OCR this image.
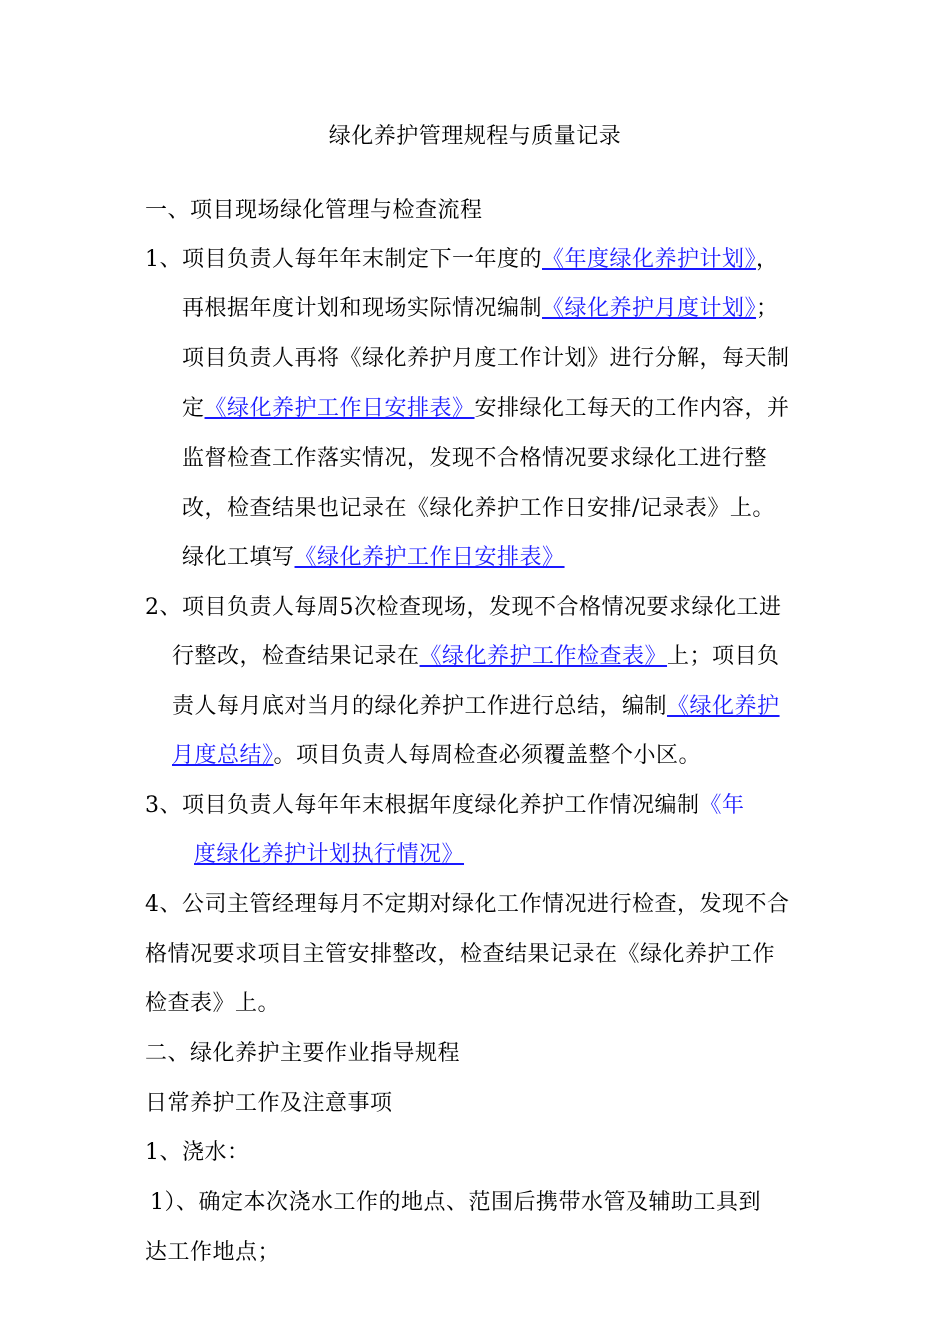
绿化养护管理规程与质量记录
一、项目现场绿化管理与检查流程
1、项目负责人每年年末制定下一年度的《年度绿化养护计划》，
再根据年度计划和现场实际情况编制《绿化养护月度计划》；
项目负责人再将《绿化养护月度工作计划》进行分解，每天制
定《绿化养护工作日安排表》安排绿化工每天的工作内容，并
监督检查工作落实情况，发现不合格情况要求绿化工进行整
改，检查结果也记录在《绿化养护工作日安排/记录表》上。
绿化工填写《绿化养护工作日安排表》
2、项目负责人每周5次检查现场，发现不合格情况要求绿化工进
行整改，检查结果记录在《绿化养护工作检查表》上；项目负
责人每月底对当月的绿化养护工作进行总结，编制《绿化养护
月度总结》。项目负责人每周检查必须覆盖整个小区。
3、项目负责人每年年末根据年度绿化养护工作情况编制《年
度绿化养护计划执行情况》
4、公司主管经理每月不定期对绿化工作情况进行检查，发现不合
格情况要求项目主管安排整改，检查结果记录在《绿化养护工作
检查表》上。
二、绿化养护主要作业指导规程
日常养护工作及注意事项
1、浇水：
1）、确定本次浇水工作的地点、范围后携带水管及辅助工具到
达工作地点；
